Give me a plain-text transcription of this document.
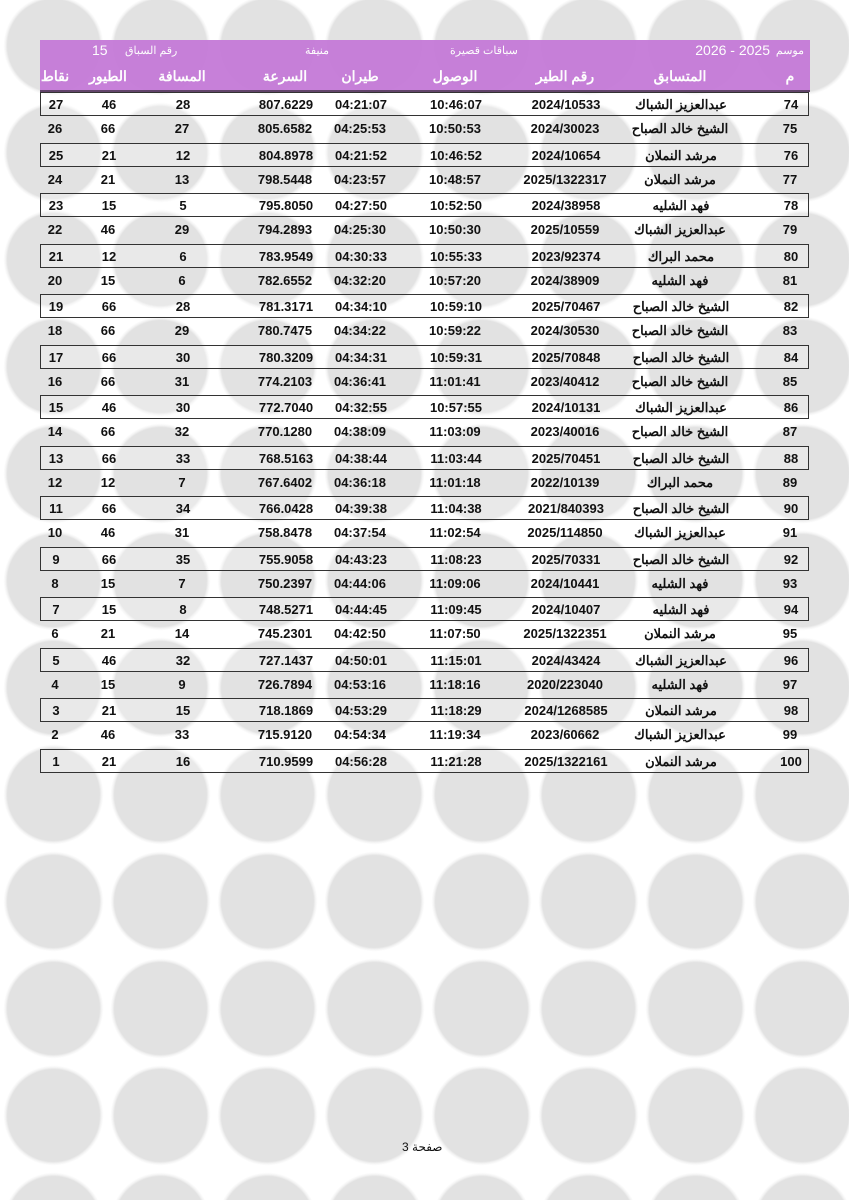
موسم
2026 - 2025
سباقات قصيرة
منيفة
رقم السباق
15
م
المتسابق
رقم الطير
الوصول
طيران
السرعة
المسافة
الطيور
نقاط
74
عبدالعزيز الشباك
2024/10533
10:46:07
04:21:07
807.6229
28
46
27
75
الشيخ خالد الصباح
2024/30023
10:50:53
04:25:53
805.6582
27
66
26
76
مرشد النملان
2024/10654
10:46:52
04:21:52
804.8978
12
21
25
77
مرشد النملان
2025/1322317
10:48:57
04:23:57
798.5448
13
21
24
78
فهد الشليه
2024/38958
10:52:50
04:27:50
795.8050
5
15
23
79
عبدالعزيز الشباك
2025/10559
10:50:30
04:25:30
794.2893
29
46
22
80
محمد البراك
2023/92374
10:55:33
04:30:33
783.9549
6
12
21
81
فهد الشليه
2024/38909
10:57:20
04:32:20
782.6552
6
15
20
82
الشيخ خالد الصباح
2025/70467
10:59:10
04:34:10
781.3171
28
66
19
83
الشيخ خالد الصباح
2024/30530
10:59:22
04:34:22
780.7475
29
66
18
84
الشيخ خالد الصباح
2025/70848
10:59:31
04:34:31
780.3209
30
66
17
85
الشيخ خالد الصباح
2023/40412
11:01:41
04:36:41
774.2103
31
66
16
86
عبدالعزيز الشباك
2024/10131
10:57:55
04:32:55
772.7040
30
46
15
87
الشيخ خالد الصباح
2023/40016
11:03:09
04:38:09
770.1280
32
66
14
88
الشيخ خالد الصباح
2025/70451
11:03:44
04:38:44
768.5163
33
66
13
89
محمد البراك
2022/10139
11:01:18
04:36:18
767.6402
7
12
12
90
الشيخ خالد الصباح
2021/840393
11:04:38
04:39:38
766.0428
34
66
11
91
عبدالعزيز الشباك
2025/114850
11:02:54
04:37:54
758.8478
31
46
10
92
الشيخ خالد الصباح
2025/70331
11:08:23
04:43:23
755.9058
35
66
9
93
فهد الشليه
2024/10441
11:09:06
04:44:06
750.2397
7
15
8
94
فهد الشليه
2024/10407
11:09:45
04:44:45
748.5271
8
15
7
95
مرشد النملان
2025/1322351
11:07:50
04:42:50
745.2301
14
21
6
96
عبدالعزيز الشباك
2024/43424
11:15:01
04:50:01
727.1437
32
46
5
97
فهد الشليه
2020/223040
11:18:16
04:53:16
726.7894
9
15
4
98
مرشد النملان
2024/1268585
11:18:29
04:53:29
718.1869
15
21
3
99
عبدالعزيز الشباك
2023/60662
11:19:34
04:54:34
715.9120
33
46
2
100
مرشد النملان
2025/1322161
11:21:28
04:56:28
710.9599
16
21
1
صفحة 3
